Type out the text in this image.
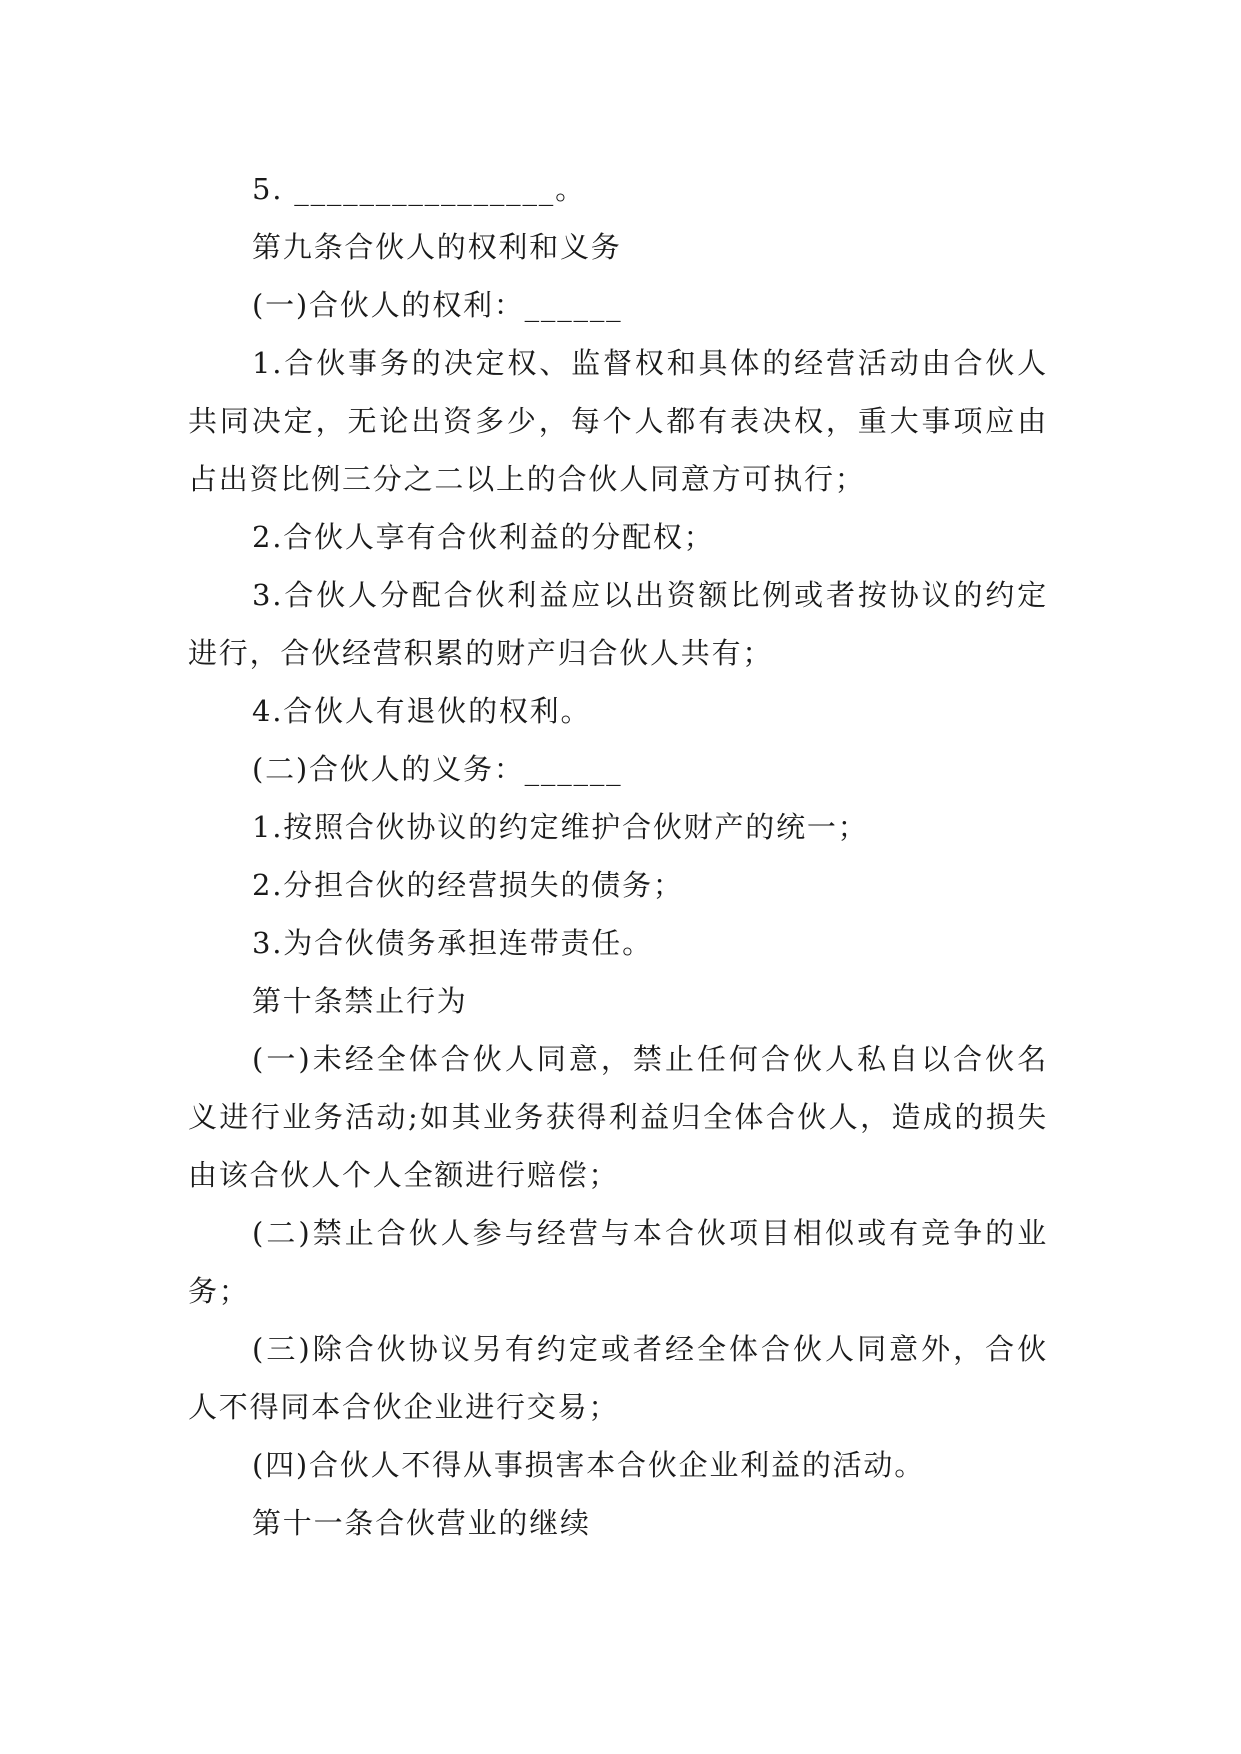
5. ________________。
第九条合伙人的权利和义务
(一)合伙人的权利：______

1.合伙事务的决定权、监督权和具体的经营活动由合伙人共同决定，无论出资多少，每个人都有表决权，重大事项应由占出资比例三分之二以上的合伙人同意方可执行；

2.合伙人享有合伙利益的分配权；

3.合伙人分配合伙利益应以出资额比例或者按协议的约定进行，合伙经营积累的财产归合伙人共有；

4.合伙人有退伙的权利。
(二)合伙人的义务：______
1.按照合伙协议的约定维护合伙财产的统一；
2.分担合伙的经营损失的债务；
3.为合伙债务承担连带责任。
第十条禁止行为

(一)未经全体合伙人同意，禁止任何合伙人私自以合伙名义进行业务活动;如其业务获得利益归全体合伙人，造成的损失由该合伙人个人全额进行赔偿；

(二)禁止合伙人参与经营与本合伙项目相似或有竞争的业务；

(三)除合伙协议另有约定或者经全体合伙人同意外，合伙人不得同本合伙企业进行交易；

(四)合伙人不得从事损害本合伙企业利益的活动。
第十一条合伙营业的继续
